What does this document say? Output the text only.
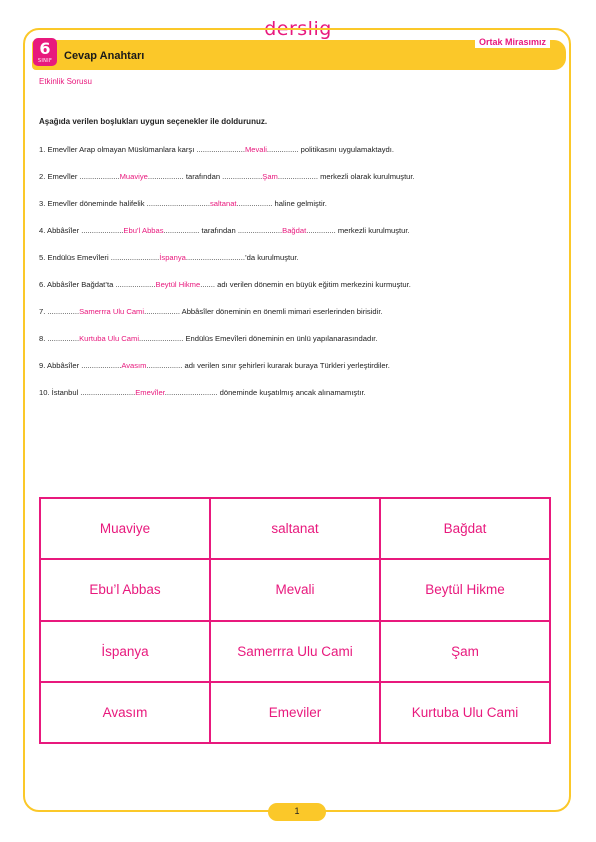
derslig
6
SINIF	Cevap Anahtarı
Ortak Mirasımız
Etkinlik Sorusu
Aşağıda verilen boşlukları uygun seçenekler ile doldurunuz.
1. Emevîler Arap olmayan Müslümanlara karşı .......................Mevali............... politikasını uygulamaktaydı.
2. Emevîler ...................Muaviye................. tarafından ...................Şam................... merkezli olarak kurulmuştur.
3. Emevîler döneminde halifelik ..............................saltanat................. haline gelmiştir.
4. Abbâsîler ....................Ebu’l Abbas................. tarafından .....................Bağdat.............. merkezli kurulmuştur.
5. Endülüs Emevîleri .......................İspanya............................’da kurulmuştur.
6. Abbâsîler Bağdat’ta ...................Beytül Hikme....... adı verilen dönemin en büyük eğitim merkezini kurmuştur.
7. ...............Samerrra Ulu Cami................. Abbâsîler döneminin en önemli mimari eserlerinden birisidir.
8. ...............Kurtuba Ulu Cami..................... Endülüs Emevîleri döneminin en ünlü yapılanarasındadır.
9. Abbâsîler ...................Avasım................. adı verilen sınır şehirleri kurarak buraya Türkleri yerleştirdiler.
10. İstanbul ..........................Emevîler......................... döneminde kuşatılmış ancak alınamamıştır.
Muaviye	saltanat	Bağdat
Ebu’l Abbas	Mevali	Beytül Hikme
İspanya	Samerrra Ulu Cami	Şam
Avasım	Emeviler	Kurtuba Ulu Cami
1
